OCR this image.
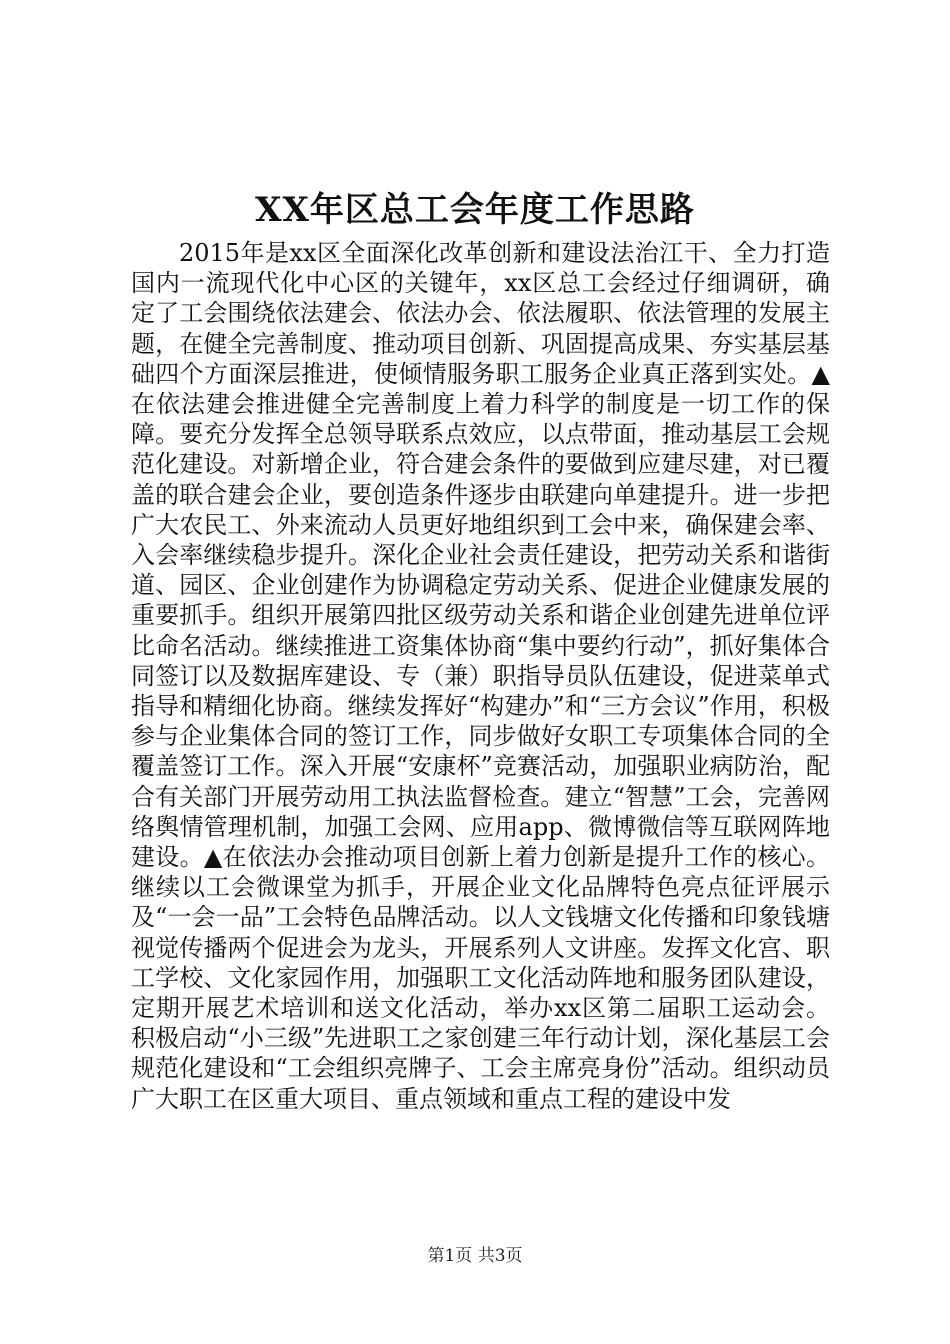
XX年区总工会年度工作思路

2015年是xx区全面深化改革创新和建设法治江干、全力打造国内一流现代化中心区的关键年，xx区总工会经过仔细调研，确定了工会围绕依法建会、依法办会、依法履职、依法管理的发展主题，在健全完善制度、推动项目创新、巩固提高成果、夯实基层基础四个方面深层推进，使倾情服务职工服务企业真正落到实处。▲在依法建会推进健全完善制度上着力科学的制度是一切工作的保障。要充分发挥全总领导联系点效应，以点带面，推动基层工会规范化建设。对新增企业，符合建会条件的要做到应建尽建，对已覆盖的联合建会企业，要创造条件逐步由联建向单建提升。进一步把广大农民工、外来流动人员更好地组织到工会中来，确保建会率、入会率继续稳步提升。深化企业社会责任建设，把劳动关系和谐街道、园区、企业创建作为协调稳定劳动关系、促进企业健康发展的重要抓手。组织开展第四批区级劳动关系和谐企业创建先进单位评比命名活动。继续推进工资集体协商“集中要约行动”，抓好集体合同签订以及数据库建设、专（兼）职指导员队伍建设，促进菜单式指导和精细化协商。继续发挥好“构建办”和“三方会议”作用，积极参与企业集体合同的签订工作，同步做好女职工专项集体合同的全覆盖签订工作。深入开展“安康杯”竞赛活动，加强职业病防治，配合有关部门开展劳动用工执法监督检查。建立“智慧”工会，完善网络舆情管理机制，加强工会网、应用app、微博微信等互联网阵地建设。▲在依法办会推动项目创新上着力创新是提升工作的核心。继续以工会微课堂为抓手，开展企业文化品牌特色亮点征评展示及“一会一品”工会特色品牌活动。以人文钱塘文化传播和印象钱塘视觉传播两个促进会为龙头，开展系列人文讲座。发挥文化宫、职工学校、文化家园作用，加强职工文化活动阵地和服务团队建设，定期开展艺术培训和送文化活动，举办xx区第二届职工运动会。积极启动“小三级”先进职工之家创建三年行动计划，深化基层工会规范化建设和“工会组织亮牌子、工会主席亮身份”活动。组织动员广大职工在区重大项目、重点领域和重点工程的建设中发

第1页 共3页
